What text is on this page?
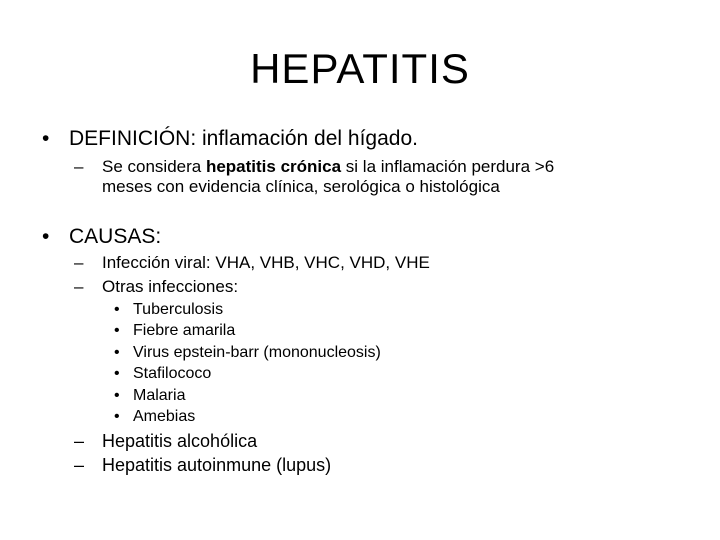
HEPATITIS
• DEFINICIÓN: inflamación del hígado.
– Se considera hepatitis crónica si la inflamación perdura >6
meses con evidencia clínica, serológica o histológica
• CAUSAS:
– Infección viral: VHA, VHB, VHC, VHD, VHE
– Otras infecciones:
• Tuberculosis
• Fiebre amarila
• Virus epstein-barr (mononucleosis)
• Stafilococo
• Malaria
• Amebias
– Hepatitis alcohólica
– Hepatitis autoinmune (lupus)
